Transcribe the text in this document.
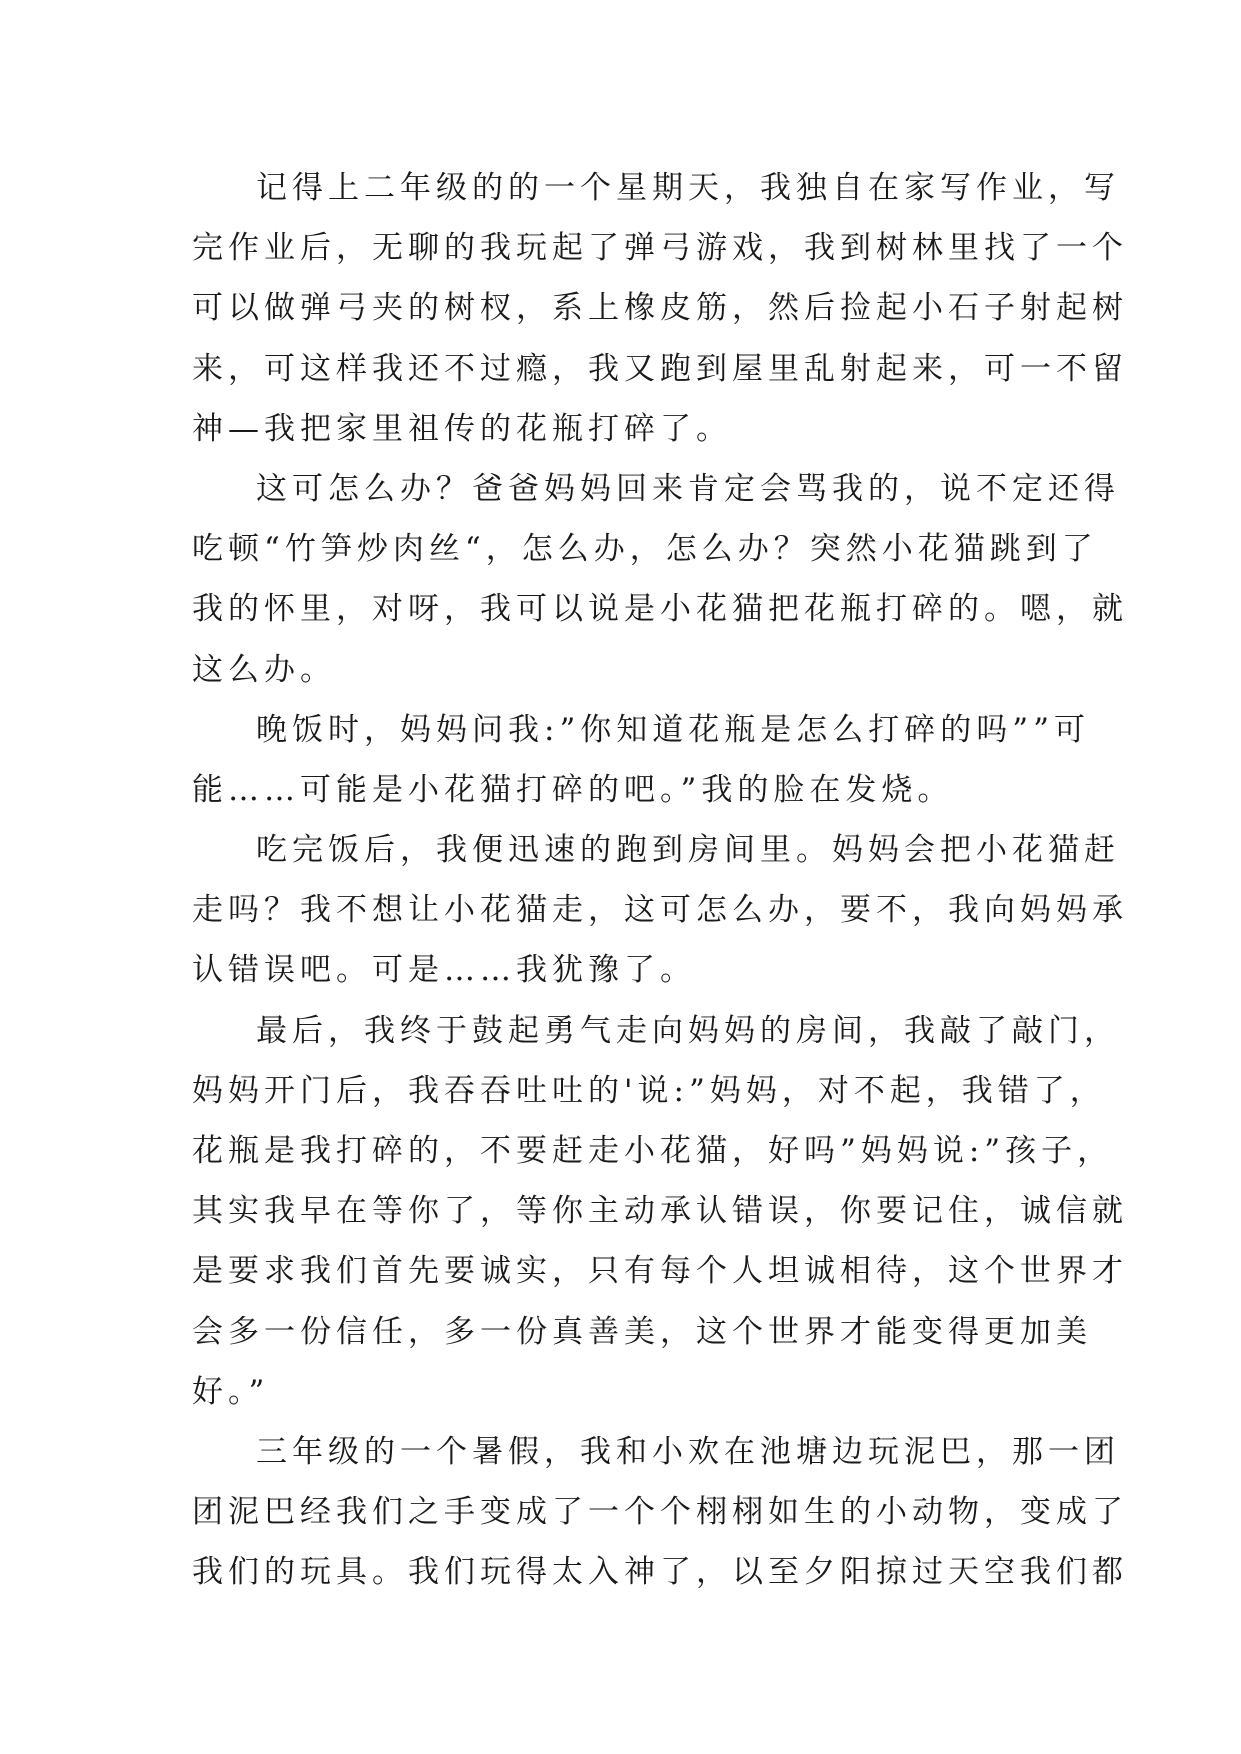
记得上二年级的的一个星期天，我独自在家写作业，写
完作业后，无聊的我玩起了弹弓游戏，我到树林里找了一个
可以做弹弓夹的树杈，系上橡皮筋，然后捡起小石子射起树
来，可这样我还不过瘾，我又跑到屋里乱射起来，可一不留
神—我把家里祖传的花瓶打碎了。
这可怎么办？爸爸妈妈回来肯定会骂我的，说不定还得
吃顿“竹笋炒肉丝“，怎么办，怎么办？突然小花猫跳到了
我的怀里，对呀，我可以说是小花猫把花瓶打碎的。嗯，就
这么办。
晚饭时，妈妈问我:”你知道花瓶是怎么打碎的吗””可
能……可能是小花猫打碎的吧。”我的脸在发烧。
吃完饭后，我便迅速的跑到房间里。妈妈会把小花猫赶
走吗？我不想让小花猫走，这可怎么办，要不，我向妈妈承
认错误吧。可是……我犹豫了。
最后，我终于鼓起勇气走向妈妈的房间，我敲了敲门，
妈妈开门后，我吞吞吐吐的'说:”妈妈，对不起，我错了，
花瓶是我打碎的，不要赶走小花猫，好吗”妈妈说:”孩子，
其实我早在等你了，等你主动承认错误，你要记住，诚信就
是要求我们首先要诚实，只有每个人坦诚相待，这个世界才
会多一份信任，多一份真善美，这个世界才能变得更加美
好。”
三年级的一个暑假，我和小欢在池塘边玩泥巴，那一团
团泥巴经我们之手变成了一个个栩栩如生的小动物，变成了
我们的玩具。我们玩得太入神了，以至夕阳掠过天空我们都
